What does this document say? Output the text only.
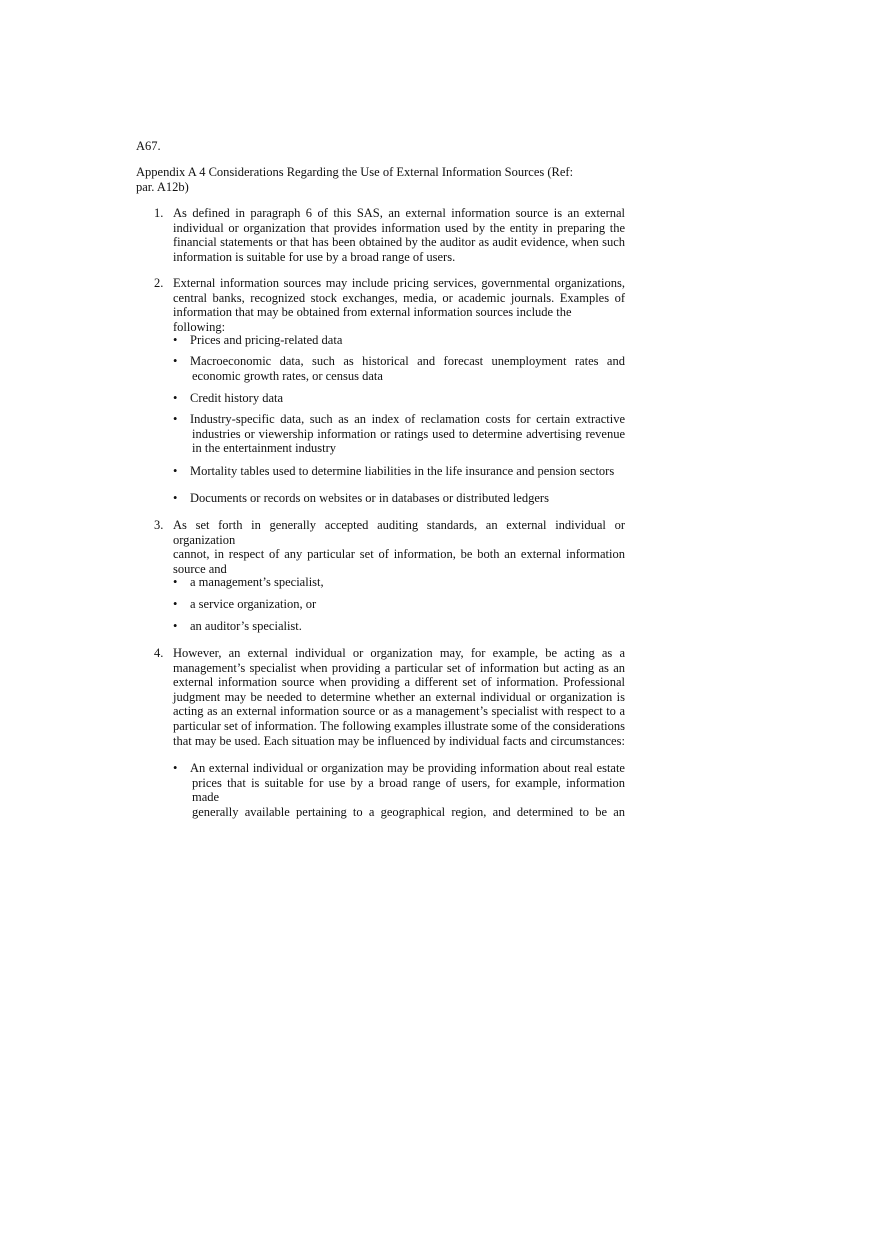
A67.
Appendix A 4 Considerations Regarding the Use of External Information Sources (Ref:
par. A12b)
1. As defined in paragraph 6 of this SAS, an external information source is an external
individual or organization that provides information used by the entity in preparing the
financial statements or that has been obtained by the auditor as audit evidence, when such
information is suitable for use by a broad range of users.
2. External information sources may include pricing services, governmental organizations,
central banks, recognized stock exchanges, media, or academic journals. Examples of
information that may be obtained from external information sources include the following:
• Prices and pricing-related data
• Macroeconomic data, such as historical and forecast unemployment rates and
economic growth rates, or census data
• Credit history data
• Industry-specific data, such as an index of reclamation costs for certain extractive
industries or viewership information or ratings used to determine advertising revenue
in the entertainment industry
• Mortality tables used to determine liabilities in the life insurance and pension sectors
• Documents or records on websites or in databases or distributed ledgers
3. As set forth in generally accepted auditing standards, an external individual or organization
cannot, in respect of any particular set of information, be both an external information
source and
• a management’s specialist,
• a service organization, or
• an auditor’s specialist.
4. However, an external individual or organization may, for example, be acting as a
management’s specialist when providing a particular set of information but acting as an
external information source when providing a different set of information. Professional
judgment may be needed to determine whether an external individual or organization is
acting as an external information source or as a management’s specialist with respect to a
particular set of information. The following examples illustrate some of the considerations
that may be used. Each situation may be influenced by individual facts and circumstances:
• An external individual or organization may be providing information about real estate
prices that is suitable for use by a broad range of users, for example, information made
generally available pertaining to a geographical region, and determined to be an
